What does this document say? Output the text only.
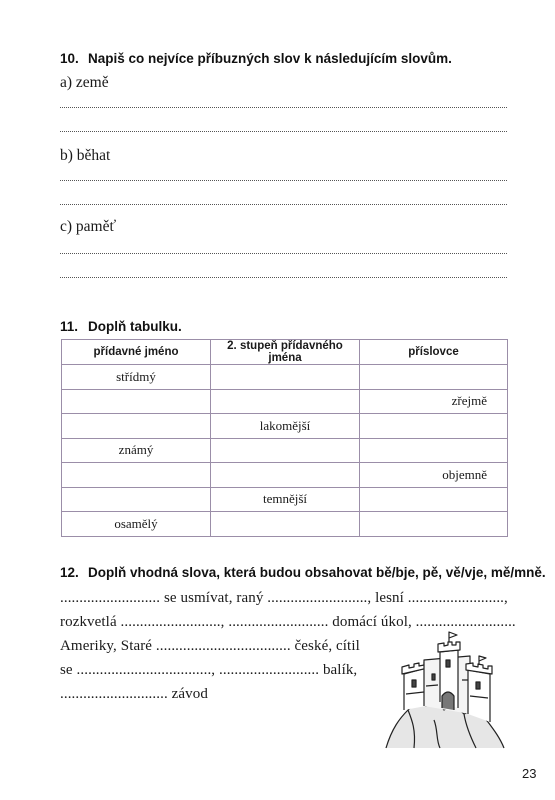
10. Napiš co nejvíce příbuzných slov k následujícím slovům.
a) země
b) běhat
c) paměť
11. Doplň tabulku.
přídavné jméno	2. stupeň přídavného jména	příslovce
střídmý		
		zřejmě
	lakomější	
známý		
		objemně
	temnější	
osamělý		
12. Doplň vhodná slova, která budou obsahovat bě/bje, pě, vě/vje, mě/mně.
.......................... se usmívat, raný .........................., lesní .........................,
rozkvetlá .........................., .......................... domácí úkol, ..........................
Ameriky, Staré ................................... české, cítil
se ..................................., .......................... balík,
............................ závod
23
